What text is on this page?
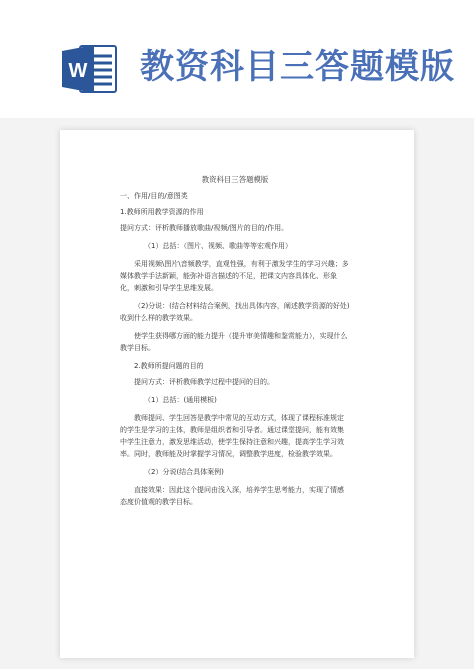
W 教资科目三答题模版
教资科目三答题模版
一、作用/目的/意图类
1.教师所用教学资源的作用
提问方式：评析教师播放歌曲/视频/图片的目的/作用。
（1）总括：（图片、视频、歌曲等等宏观作用）
采用视频\图片\音频教学，直观性强，有利于激发学生的学习兴趣；多媒体教学手法新颖，能弥补语言描述的不足，把课文内容具体化、形象化，刺激和引导学生思维发展。
（2)分说：(结合材料结合案例，找出具体内容，阐述教学资源的好处)收到什么样的教学效果。
使学生获得哪方面的能力提升（提升审美情趣和鉴赏能力），实现什么教学目标。
2.教师所提问题的目的
提问方式：评析教师教学过程中提问的目的。
（1）总括：(通用模板)
教师提问、学生回答是教学中常见的互动方式，体现了课程标准规定的学生是学习的主体，教师是组织者和引导者。通过课堂提问，能有效集中学生注意力，激发思维活动，使学生保持注意和兴趣，提高学生学习效率。同时，教师能及时掌握学习情况，调整教学进度，检验教学效果。
（2）分说(结合具体案例)
直接效果：因此这个提问由浅入深，培养学生思考能力，实现了情感态度价值观的教学目标。
